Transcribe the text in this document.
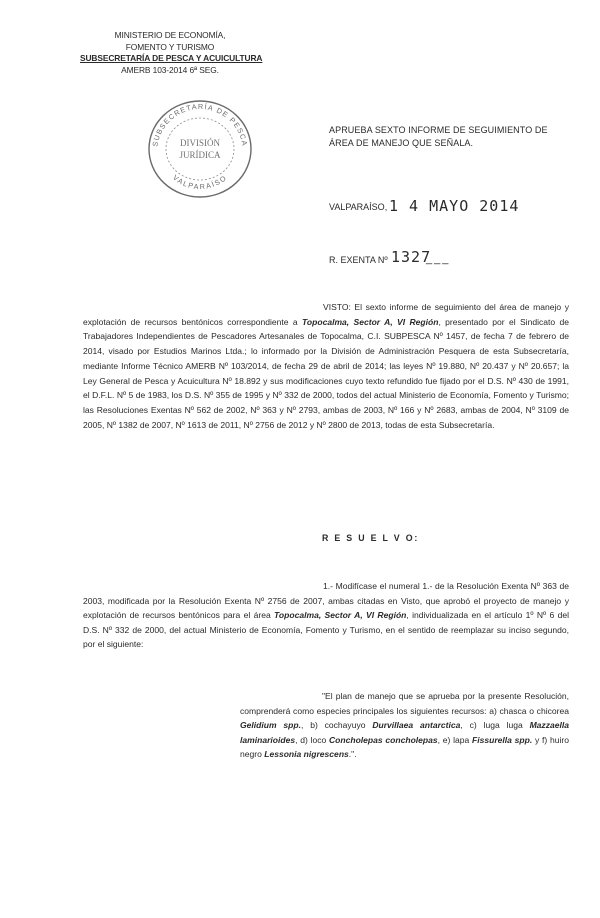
MINISTERIO DE ECONOMÍA,
FOMENTO Y TURISMO
SUBSECRETARÍA DE PESCA Y ACUICULTURA
AMERB 103-2014 6ª SEG.
SUBSECRETARÍA DE PESCA
VALPARAÍSO
DIVISIÓN
JURÍDICA
APRUEBA SEXTO INFORME DE SEGUIMIENTO DE ÁREA DE MANEJO QUE SEÑALA.
VALPARAÍSO, 1 4 MAYO 2014
R. EXENTA Nº 1327
___

VISTO: El sexto informe de seguimiento del área de manejo y explotación de recursos bentónicos correspondiente a Topocalma, Sector A, VI Región, presentado por el Sindicato de Trabajadores Independientes de Pescadores Artesanales de Topocalma, C.I. SUBPESCA Nº 1457, de fecha 7 de febrero de 2014, visado por Estudios Marinos Ltda.; lo informado por la División de Administración Pesquera de esta Subsecretaría, mediante Informe Técnico AMERB Nº 103/2014, de fecha 29 de abril de 2014; las leyes Nº 19.880, Nº 20.437 y Nº 20.657; la Ley General de Pesca y Acuicultura Nº 18.892 y sus modificaciones cuyo texto refundido fue fijado por el D.S. Nº 430 de 1991, el D.F.L. Nº 5 de 1983, los D.S. Nº 355 de 1995 y Nº 332 de 2000, todos del actual Ministerio de Economía, Fomento y Turismo; las Resoluciones Exentas Nº 562 de 2002, Nº 363 y Nº 2793, ambas de 2003, Nº 166 y Nº 2683, ambas de 2004, Nº 3109 de 2005, Nº 1382 de 2007, Nº 1613 de 2011, Nº 2756 de 2012 y Nº 2800 de 2013, todas de esta Subsecretaría.

R E S U E L V O:

1.- Modifícase el numeral 1.- de la Resolución Exenta Nº 363 de 2003, modificada por la Resolución Exenta Nº 2756 de 2007, ambas citadas en Visto, que aprobó el proyecto de manejo y explotación de recursos bentónicos para el área Topocalma, Sector A, VI Región, individualizada en el artículo 1º Nº 6 del D.S. Nº 332 de 2000, del actual Ministerio de Economía, Fomento y Turismo, en el sentido de reemplazar su inciso segundo, por el siguiente:

"El plan de manejo que se aprueba por la presente Resolución, comprenderá como especies principales los siguientes recursos: a) chasca o chicorea Gelidium spp., b) cochayuyo Durvillaea antarctica, c) luga luga Mazzaella laminarioides, d) loco Concholepas concholepas, e) lapa Fissurella spp. y f) huiro negro Lessonia nigrescens.".
